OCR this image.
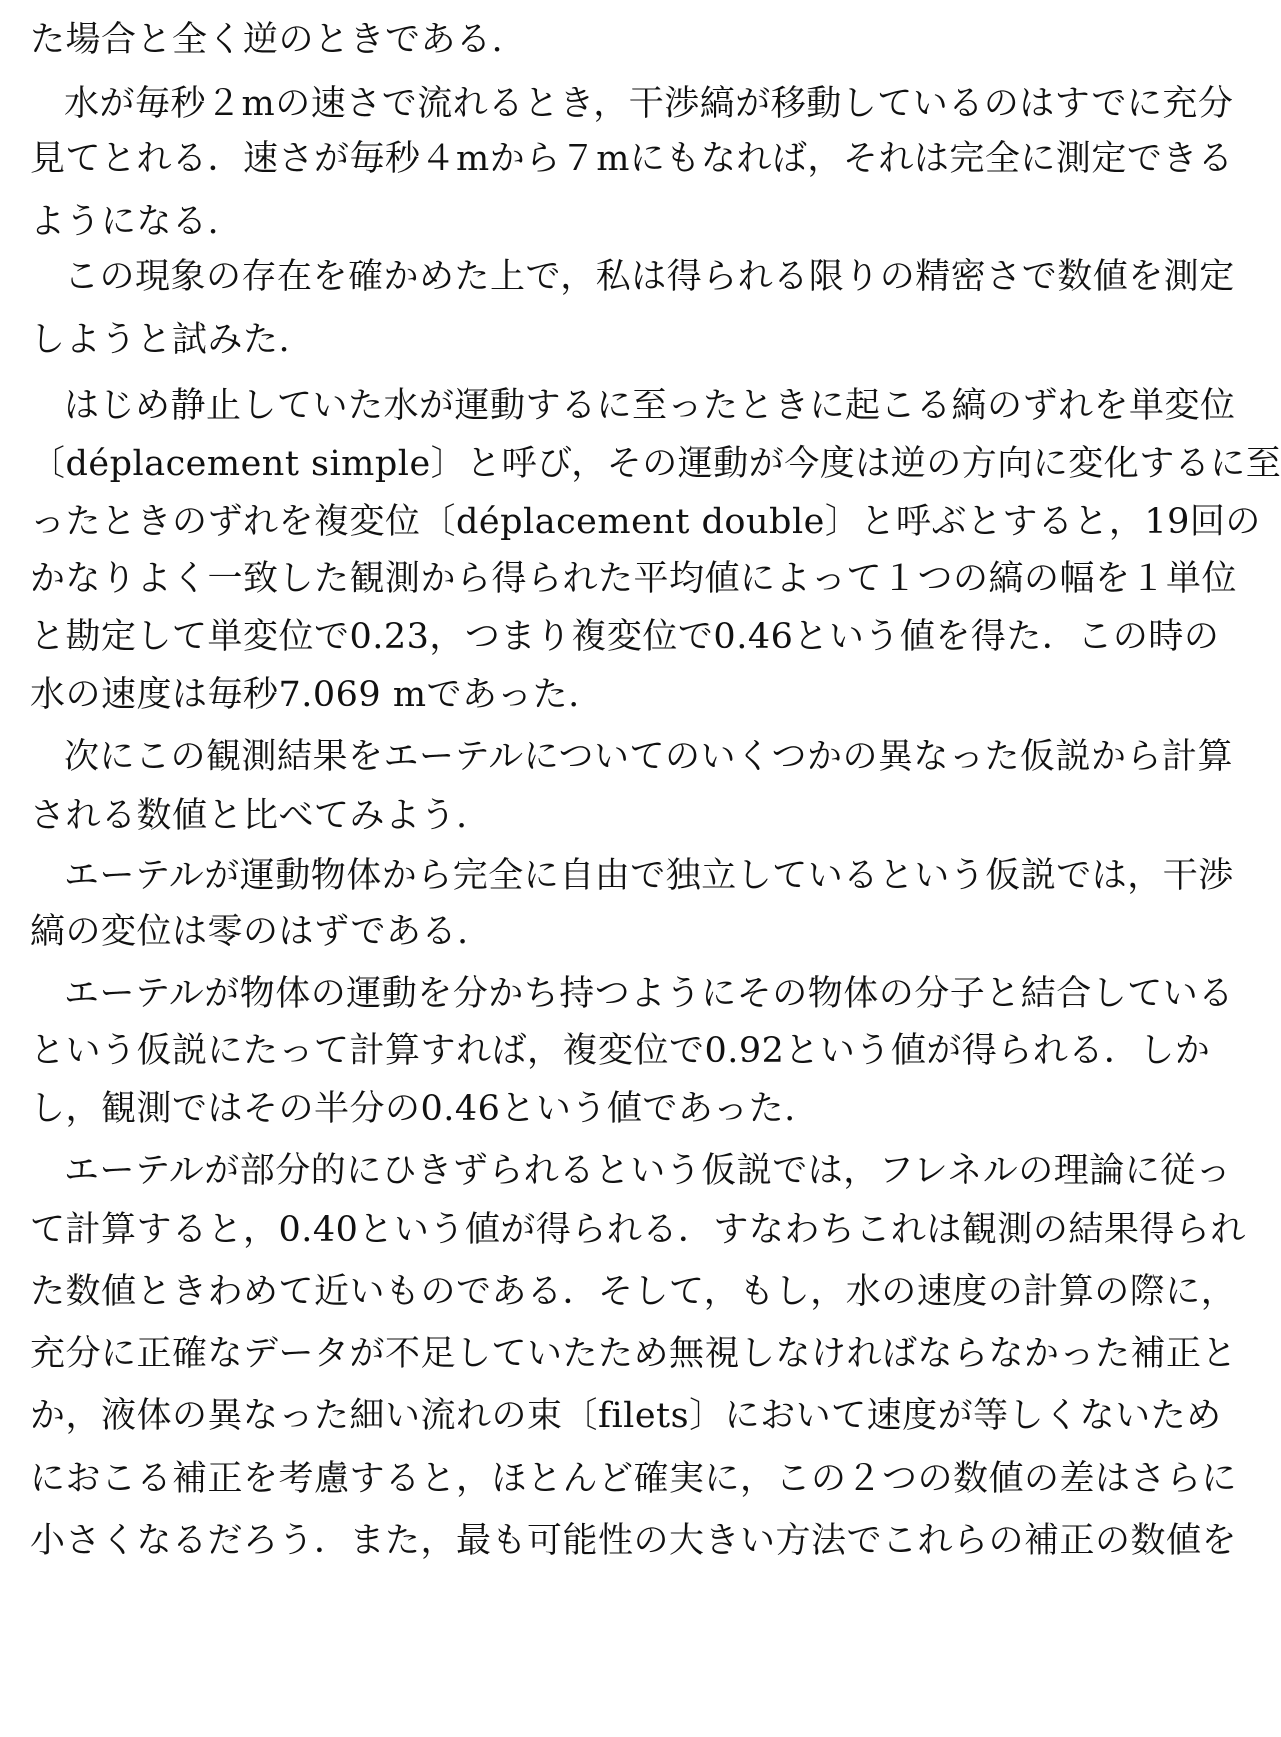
た場合と全く逆のときである.
水が毎秒２mの速さで流れるとき，干渉縞が移動しているのはすでに充分
見てとれる．速さが毎秒４mから７mにもなれば，それは完全に測定できる
ようになる.
この現象の存在を確かめた上で，私は得られる限りの精密さで数値を測定
しようと試みた.
はじめ静止していた水が運動するに至ったときに起こる縞のずれを単変位
〔déplacement simple〕と呼び，その運動が今度は逆の方向に変化するに至
ったときのずれを複変位〔déplacement double〕と呼ぶとすると，19回の
かなりよく一致した観測から得られた平均値によって１つの縞の幅を１単位
と勘定して単変位で0.23，つまり複変位で0.46という値を得た．この時の
水の速度は毎秒7.069 mであった.
次にこの観測結果をエーテルについてのいくつかの異なった仮説から計算
される数値と比べてみよう.
エーテルが運動物体から完全に自由で独立しているという仮説では，干渉
縞の変位は零のはずである.
エーテルが物体の運動を分かち持つようにその物体の分子と結合している
という仮説にたって計算すれば，複変位で0.92という値が得られる．しか
し，観測ではその半分の0.46という値であった.
エーテルが部分的にひきずられるという仮説では，フレネルの理論に従っ
て計算すると，0.40という値が得られる．すなわちこれは観測の結果得られ
た数値ときわめて近いものである．そして，もし，水の速度の計算の際に，
充分に正確なデータが不足していたため無視しなければならなかった補正と
か，液体の異なった細い流れの束〔filets〕において速度が等しくないため
におこる補正を考慮すると，ほとんど確実に，この２つの数値の差はさらに
小さくなるだろう．また，最も可能性の大きい方法でこれらの補正の数値を
